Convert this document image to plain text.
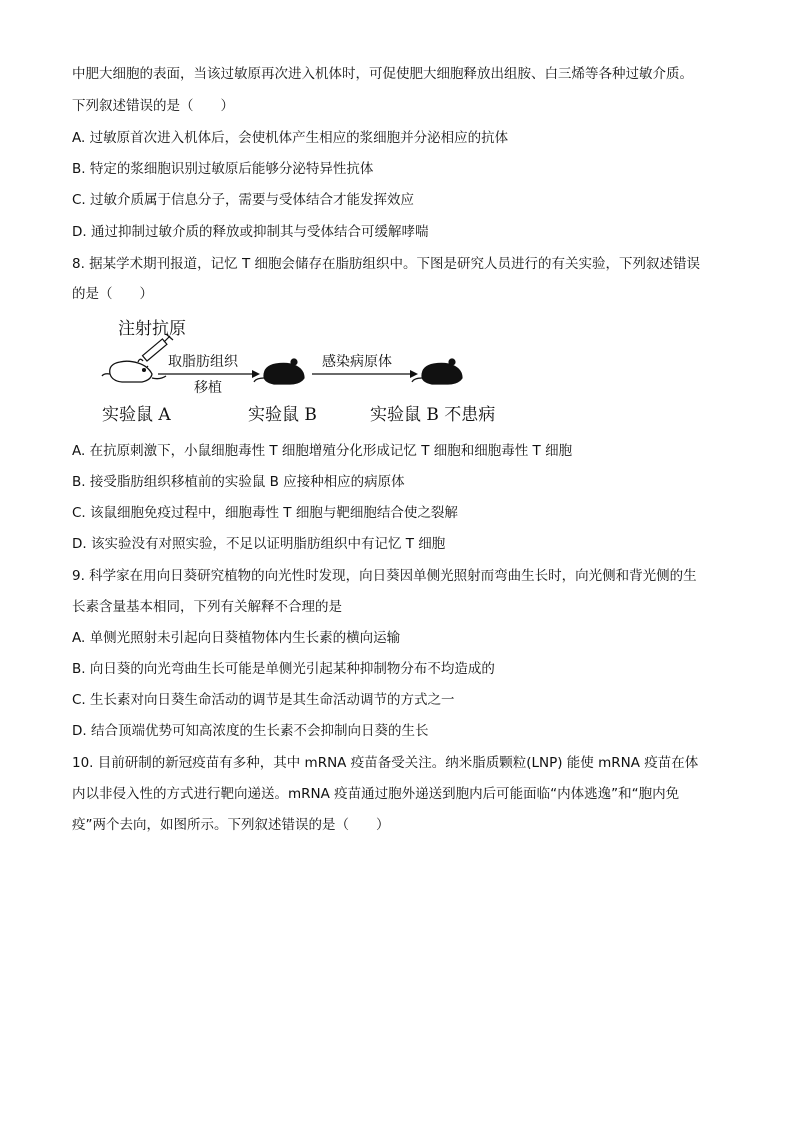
中肥大细胞的表面，当该过敏原再次进入机体时，可促使肥大细胞释放出组胺、白三烯等各种过敏介质。
下列叙述错误的是（　　）
A. 过敏原首次进入机体后，会使机体产生相应的浆细胞并分泌相应的抗体
B. 特定的浆细胞识别过敏原后能够分泌特异性抗体
C. 过敏介质属于信息分子，需要与受体结合才能发挥效应
D. 通过抑制过敏介质的释放或抑制其与受体结合可缓解哮喘
8. 据某学术期刊报道，记忆 T 细胞会储存在脂肪组织中。下图是研究人员进行的有关实验，下列叙述错误
的是（　　）
注射抗原
取脂肪组织
移植
感染病原体
实验鼠 A	实验鼠 B	实验鼠 B 不患病
A. 在抗原刺激下，小鼠细胞毒性 T 细胞增殖分化形成记忆 T 细胞和细胞毒性 T 细胞
B. 接受脂肪组织移植前的实验鼠 B 应接种相应的病原体
C. 该鼠细胞免疫过程中，细胞毒性 T 细胞与靶细胞结合使之裂解
D. 该实验没有对照实验，不足以证明脂肪组织中有记忆 T 细胞
9. 科学家在用向日葵研究植物的向光性时发现，向日葵因单侧光照射而弯曲生长时，向光侧和背光侧的生
长素含量基本相同，下列有关解释不合理的是
A. 单侧光照射未引起向日葵植物体内生长素的横向运输
B. 向日葵的向光弯曲生长可能是单侧光引起某种抑制物分布不均造成的
C. 生长素对向日葵生命活动的调节是其生命活动调节的方式之一
D. 结合顶端优势可知高浓度的生长素不会抑制向日葵的生长
10. 目前研制的新冠疫苗有多种，其中 mRNA 疫苗备受关注。纳米脂质颗粒(LNP) 能使 mRNA 疫苗在体
内以非侵入性的方式进行靶向递送。mRNA 疫苗通过胞外递送到胞内后可能面临“内体逃逸”和“胞内免
疫”两个去向，如图所示。下列叙述错误的是（　　）
